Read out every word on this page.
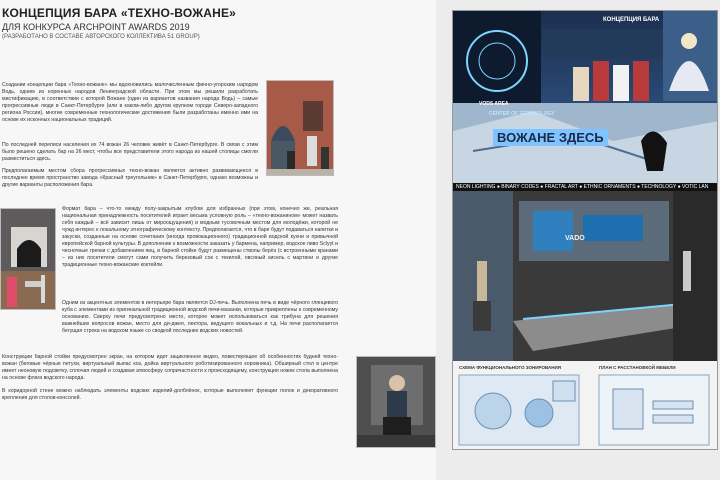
КОНЦЕПЦИЯ БАРА «ТЕХНО-ВОЖАНЕ»
ДЛЯ КОНКУРСА ARCHPOINT AWARDS 2019
(РАЗРАБОТАНО В СОСТАВЕ АВТОРСКОГО КОЛЛЕКТИВА 51 GROUP)
Создании концепции бара «Техно-вожане» мы вдохновились малочисленным финно-угорским народом Водь, одним из коренных народов Ленинградской области. При этом мы решили разработать мистификацию, в соответствии с которой Вожане (один из вариантов названия народа Водь) – самые прогрессивные люди в Санкт-Петербурге (или в каком-либо другом крупном городе Северо-западного региона России), многие современные технологические достижения были разработаны именно ими на основе их исконных национальных традиций.
По последней переписи населения их 74 вожан 26 человек живёт в Санкт-Петербурге. В связи с этим было решено сделать бар на 26 мест, чтобы все представители этого народа из нашей столицы смогли разместиться здесь.
Предполагаемым местом сбора прогрессивных техно-вожан является активно развивающееся в последнее время пространство завода «Красный треугольник» в Санкт-Петербурге, однако возможны и другие варианты расположения бара.
Формат бара – что-то между полу-закрытым клубом для избранных (при этом, конечно же, реальная национальная принадлежность посетителей играет весьма условную роль – «техно-вожанином» может назвать себя каждый – всё зависит лишь от мироощущения) и модным тусовочным местом для молодёжи, которой не чужд интерес к локальному этнографическому контексту. Предполагается, что в баре будут подаваться напитки и закуски, созданные на основе сочетания (иногда провокационного) традиционной водской кухни и привычной европейской барной культуры. В дополнение к возможности заказать у бармена, например, водское пиво Sclyyt и чесночные гренки с добавлением яиц, в барной стойке будут размещены стволы берёз (с встроенными кранами – из них посетители смогут сами получить березовый сок с текилой, овсяный кисель с мартини и другие традиционные техно-вожанские коктейли.
Одним из акцентных элементов в интерьере бара является DJ-печь. Выполнена печь в виде чёрного глянцевого куба с элементами из оригинальной традиционной водской печи-мазанки, которые прикреплены к современному основанию. Сверху печи предусмотрено место, которое может использоваться как трибуна для решения важнейших вопросов вожан, место для ди-джея, лектора, ведущего вокальных и т.д. На печи располагается бегущая строка на водском языке со сводкой последних водских новостей.
Конструкции барной стойки предусмотрен экран, на котором идет зацикленное видео, повествующее об особенностях будней техно-вожан (беговые чёрные петухи, виртуальный выпас коз, дойка виртуального роботизированного коровника). Обширный стол в центре имеет неоновую подсветку, сплочая людей и создавая атмосферу сопричастности к происходящему, конструкция ножек стола выполнена на основе флага водского народа.
В коридорной стене можно наблюдать элементы водских изделий-долблёнок, которые выполняют функции полок и декоративного крепления для столов-консолей.
КОНЦЕПЦИЯ БАРА
VODS AREA
CENTER OF TECHNOLOGY
ВОЖАНЕ ЗДЕСЬ
NEON LIGHTING ● BINARY CODES ● FRACTAL ART ● ETHNIC ORNAMENTS ● TECHNOLOGY ● VOTIC LAN
VADO
СХЕМА ФУНКЦИОНАЛЬНОГО ЗОНИРОВАНИЯ	ПЛАН С РАССТАНОВКОЙ МЕБЕЛИ
